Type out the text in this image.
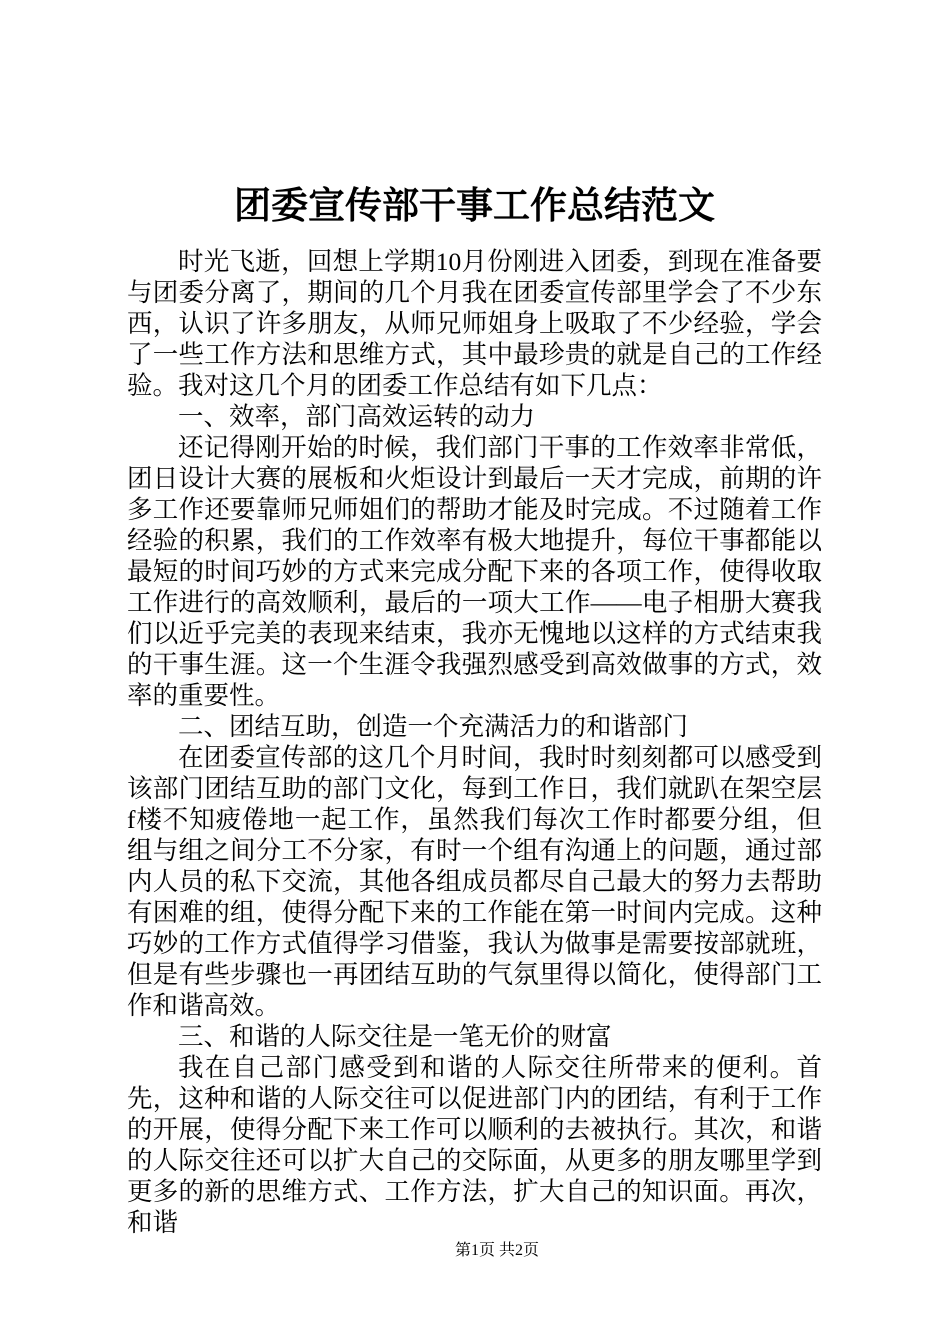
团委宣传部干事工作总结范文

时光飞逝，回想上学期10月份刚进入团委，到现在准备要与团委分离了，期间的几个月我在团委宣传部里学会了不少东西，认识了许多朋友，从师兄师姐身上吸取了不少经验，学会了一些工作方法和思维方式，其中最珍贵的就是自己的工作经验。我对这几个月的团委工作总结有如下几点：

一、效率，部门高效运转的动力

还记得刚开始的时候，我们部门干事的工作效率非常低，团日设计大赛的展板和火炬设计到最后一天才完成，前期的许多工作还要靠师兄师姐们的帮助才能及时完成。不过随着工作经验的积累，我们的工作效率有极大地提升，每位干事都能以最短的时间巧妙的方式来完成分配下来的各项工作，使得收取工作进行的高效顺利，最后的一项大工作——电子相册大赛我们以近乎完美的表现来结束，我亦无愧地以这样的方式结束我的干事生涯。这一个生涯令我强烈感受到高效做事的方式，效率的重要性。

二、团结互助，创造一个充满活力的和谐部门

在团委宣传部的这几个月时间，我时时刻刻都可以感受到该部门团结互助的部门文化，每到工作日，我们就趴在架空层f楼不知疲倦地一起工作，虽然我们每次工作时都要分组，但组与组之间分工不分家，有时一个组有沟通上的问题，通过部内人员的私下交流，其他各组成员都尽自己最大的努力去帮助有困难的组，使得分配下来的工作能在第一时间内完成。这种巧妙的工作方式值得学习借鉴，我认为做事是需要按部就班，但是有些步骤也一再团结互助的气氛里得以简化，使得部门工作和谐高效。

三、和谐的人际交往是一笔无价的财富

我在自己部门感受到和谐的人际交往所带来的便利。首先，这种和谐的人际交往可以促进部门内的团结，有利于工作的开展，使得分配下来工作可以顺利的去被执行。其次，和谐的人际交往还可以扩大自己的交际面，从更多的朋友哪里学到更多的新的思维方式、工作方法，扩大自己的知识面。再次，和谐

第1页 共2页
